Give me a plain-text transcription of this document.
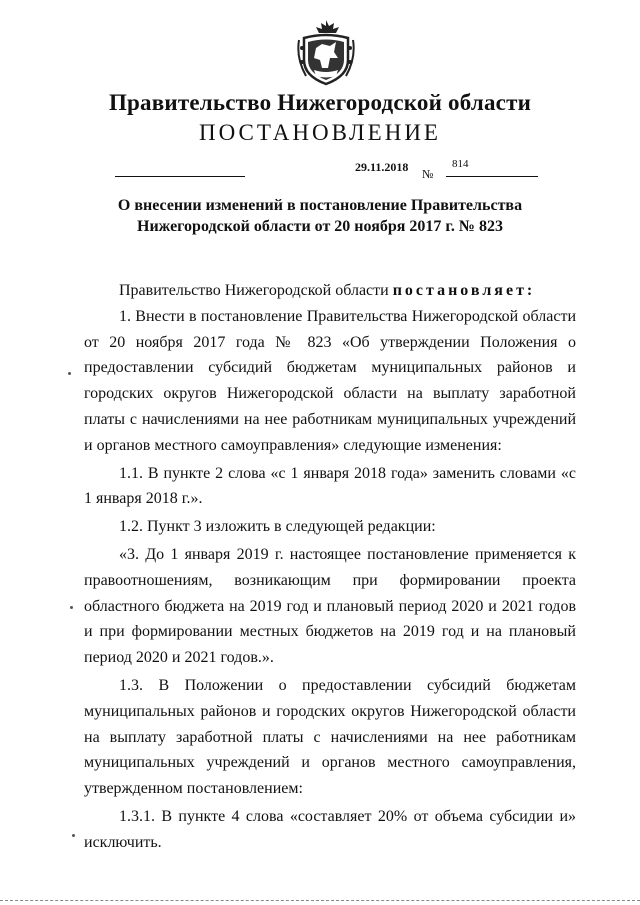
Правительство Нижегородской области
ПОСТАНОВЛЕНИЕ
29.11.2018 №
814
О внесении изменений в постановление Правительства
Нижегородской области от 20 ноября 2017 г. № 823

Правительство Нижегородской области постановляет:

1. Внести в постановление Правительства Нижегородской области от 20 ноября 2017 года № 823 «Об утверждении Положения о предоставлении субсидий бюджетам муниципальных районов и городских округов Нижегородской области на выплату заработной платы с начислениями на нее работникам муниципальных учреждений и органов местного самоуправления» следующие изменения:

1.1. В пункте 2 слова «с 1 января 2018 года» заменить словами «с 1 января 2018 г.».

1.2. Пункт 3 изложить в следующей редакции:

«3. До 1 января 2019 г. настоящее постановление применяется к правоотношениям, возникающим при формировании проекта областного бюджета на 2019 год и плановый период 2020 и 2021 годов и при формировании местных бюджетов на 2019 год и на плановый период 2020 и 2021 годов.».

1.3. В Положении о предоставлении субсидий бюджетам муниципальных районов и городских округов Нижегородской области на выплату заработной платы с начислениями на нее работникам муниципальных учреждений и органов местного самоуправления, утвержденном постановлением:

1.3.1. В пункте 4 слова «составляет 20% от объема субсидии и» исключить.
